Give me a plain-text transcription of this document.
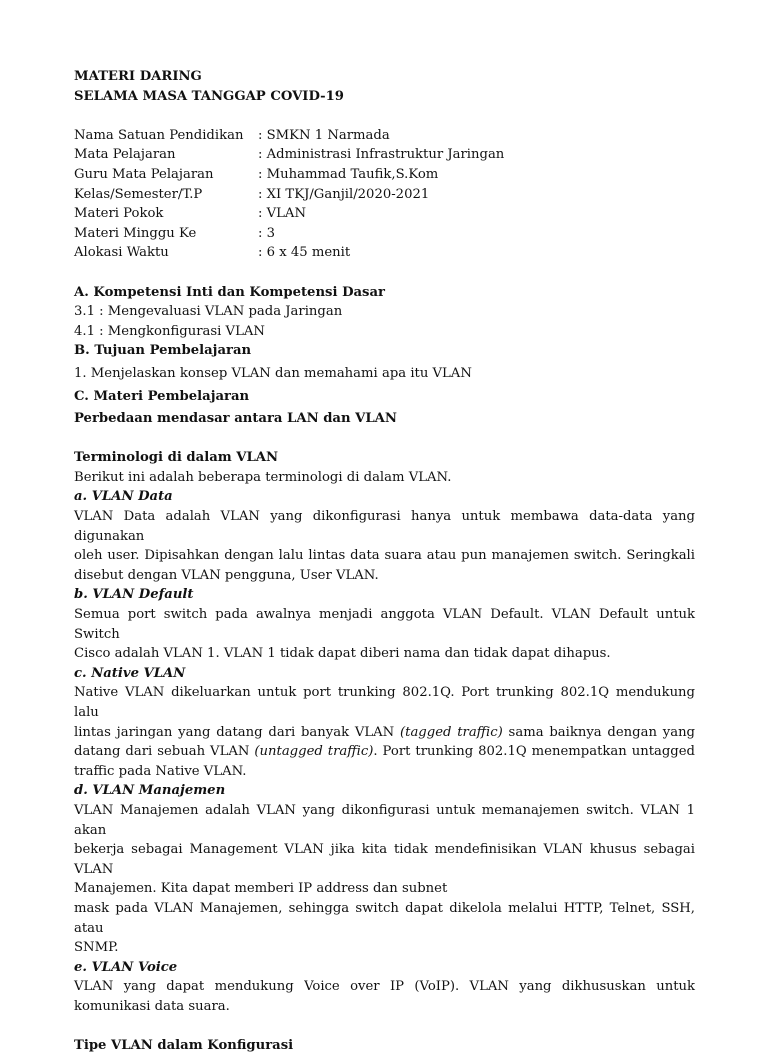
MATERI DARING
SELAMA MASA TANGGAP COVID-19
Nama Satuan Pendidikan	: SMKN 1 Narmada
Mata Pelajaran	: Administrasi Infrastruktur Jaringan
Guru Mata Pelajaran	: Muhammad Taufik,S.Kom
Kelas/Semester/T.P	: XI TKJ/Ganjil/2020-2021
Materi Pokok	: VLAN
Materi Minggu Ke	: 3
Alokasi Waktu	: 6 x 45 menit
A. Kompetensi Inti dan Kompetensi Dasar
3.1 : Mengevaluasi VLAN pada Jaringan
4.1 : Mengkonfigurasi VLAN
B. Tujuan Pembelajaran
1. Menjelaskan konsep VLAN dan memahami apa itu VLAN
C. Materi Pembelajaran
Perbedaan mendasar antara LAN dan VLAN
Terminologi di dalam VLAN
Berikut ini adalah beberapa terminologi di dalam VLAN.
a. VLAN Data
VLAN Data adalah VLAN yang dikonfigurasi hanya untuk membawa data-data yang digunakan
oleh user. Dipisahkan dengan lalu lintas data suara atau pun manajemen switch. Seringkali
disebut dengan VLAN pengguna, User VLAN.
b. VLAN Default
Semua port switch pada awalnya menjadi anggota VLAN Default. VLAN Default untuk Switch
Cisco adalah VLAN 1. VLAN 1 tidak dapat diberi nama dan tidak dapat dihapus.
c. Native VLAN
Native VLAN dikeluarkan untuk port trunking 802.1Q. Port trunking 802.1Q mendukung lalu
lintas jaringan yang datang dari banyak VLAN (tagged traffic) sama baiknya dengan yang
datang dari sebuah VLAN (untagged traffic). Port trunking 802.1Q menempatkan untagged
traffic pada Native VLAN.
d. VLAN Manajemen
VLAN Manajemen adalah VLAN yang dikonfigurasi untuk memanajemen switch. VLAN 1 akan
bekerja sebagai Management VLAN jika kita tidak mendefinisikan VLAN khusus sebagai VLAN
Manajemen. Kita dapat memberi IP address dan subnet
mask pada VLAN Manajemen, sehingga switch dapat dikelola melalui HTTP, Telnet, SSH, atau
SNMP.
e. VLAN Voice
VLAN yang dapat mendukung Voice over IP (VoIP). VLAN yang dikhususkan untuk
komunikasi data suara.
Tipe VLAN dalam Konfigurasi
